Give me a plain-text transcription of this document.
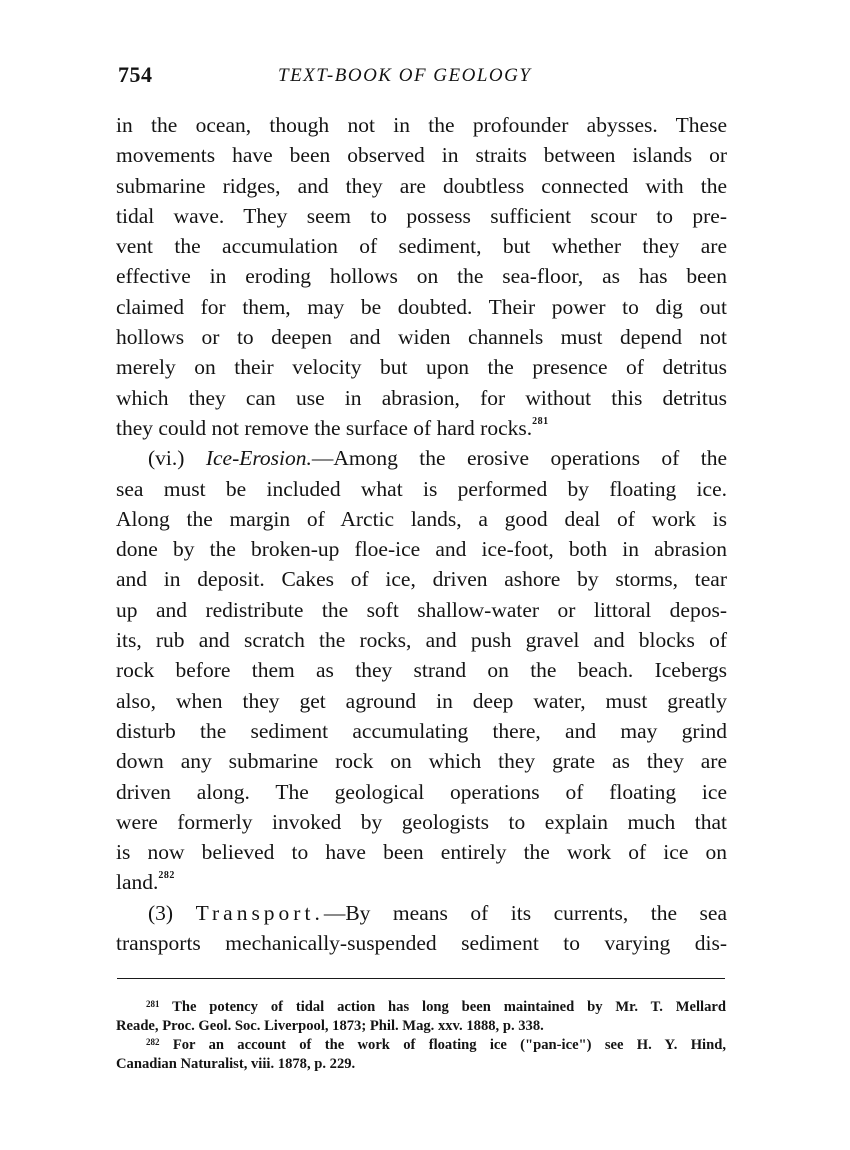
754	TEXT-BOOK OF GEOLOGY
in the ocean, though not in the profounder abysses. These
movements have been observed in straits between islands or
submarine ridges, and they are doubtless connected with the
tidal wave. They seem to possess sufficient scour to pre-
vent the accumulation of sediment, but whether they are
effective in eroding hollows on the sea-floor, as has been
claimed for them, may be doubted. Their power to dig out
hollows or to deepen and widen channels must depend not
merely on their velocity but upon the presence of detritus
which they can use in abrasion, for without this detritus
they could not remove the surface of hard rocks.$^{281}$
(vi.) Ice-Erosion.—Among the erosive operations of the
sea must be included what is performed by floating ice.
Along the margin of Arctic lands, a good deal of work is
done by the broken-up floe-ice and ice-foot, both in abrasion
and in deposit. Cakes of ice, driven ashore by storms, tear
up and redistribute the soft shallow-water or littoral depos-
its, rub and scratch the rocks, and push gravel and blocks of
rock before them as they strand on the beach. Icebergs
also, when they get aground in deep water, must greatly
disturb the sediment accumulating there, and may grind
down any submarine rock on which they grate as they are
driven along. The geological operations of floating ice
were formerly invoked by geologists to explain much that
is now believed to have been entirely the work of ice on
land.$^{282}$
(3) Transport.—By means of its currents, the sea
transports mechanically-suspended sediment to varying dis-
$^{281}$ The potency of tidal action has long been maintained by Mr. T. Mellard
Reade, Proc. Geol. Soc. Liverpool, 1873; Phil. Mag. xxv. 1888, p. 338.
$^{282}$ For an account of the work of floating ice ("pan-ice") see H. Y. Hind,
Canadian Naturalist, viii. 1878, p. 229.
